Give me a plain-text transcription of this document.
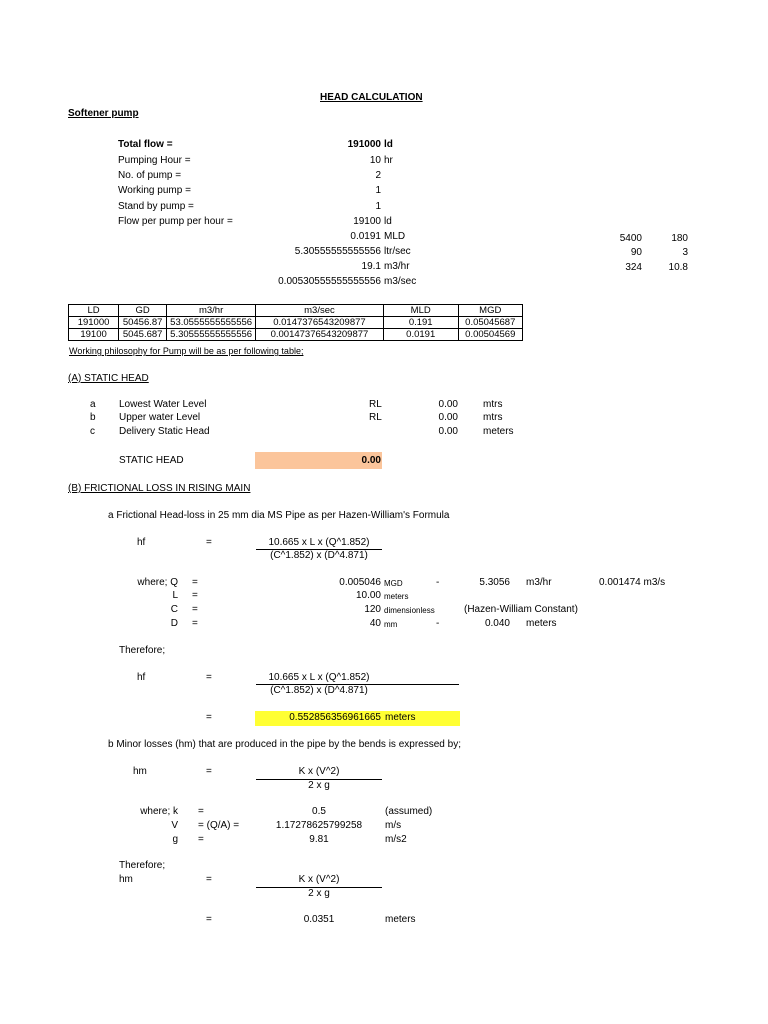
HEAD CALCULATION
Softener pump
Total flow =	191000 ld
Pumping Hour =	10 hr
No. of pump =	2
Working pump =	1
Stand by pump =	1
Flow per pump per hour =	19100 ld
0.0191 MLD
5.30555555555556 ltr/sec
19.1 m3/hr
0.00530555555555556 m3/sec
5400	180
90	3
324	10.8
LD	GD	m3/hr	m3/sec	MLD	MGD
191000	50456.87	53.0555555555556	0.0147376543209877	0.191	0.05045687
19100	5045.687	5.30555555555556	0.00147376543209877	0.0191	0.00504569
Working philosophy for Pump will be as per following table;
(A) STATIC HEAD
a Lowest Water Level	RL	0.00	mtrs
b Upper water Level	RL	0.00	mtrs
c Delivery Static Head	0.00	meters
STATIC HEAD	0.00
(B) FRICTIONAL LOSS IN RISING MAIN
a Frictional Head-loss in 25 mm dia MS Pipe as per Hazen-William's Formula
hf	=	10.665 x L x (Q^1.852)
(C^1.852) x (D^4.871)
where; Q =	0.005046 MGD	-	5.3056 m3/hr	0.001474 m3/s
L =	10.00 meters
C =	120 dimensionless	(Hazen-William Constant)
D =	40 mm	-	0.040 meters
Therefore;
hf	=	10.665 x L x (Q^1.852)
(C^1.852) x (D^4.871)
=	0.552856356961665 meters
b Minor losses (hm) that are produced in the pipe by the bends is expressed by;
hm	=	K x (V^2)
2 x g
where; k =	0.5	(assumed)
V = (Q/A) =	1.17278625799258	m/s
g =	9.81	m/s2
Therefore;
hm	=	K x (V^2)
2 x g
=	0.0351	meters
